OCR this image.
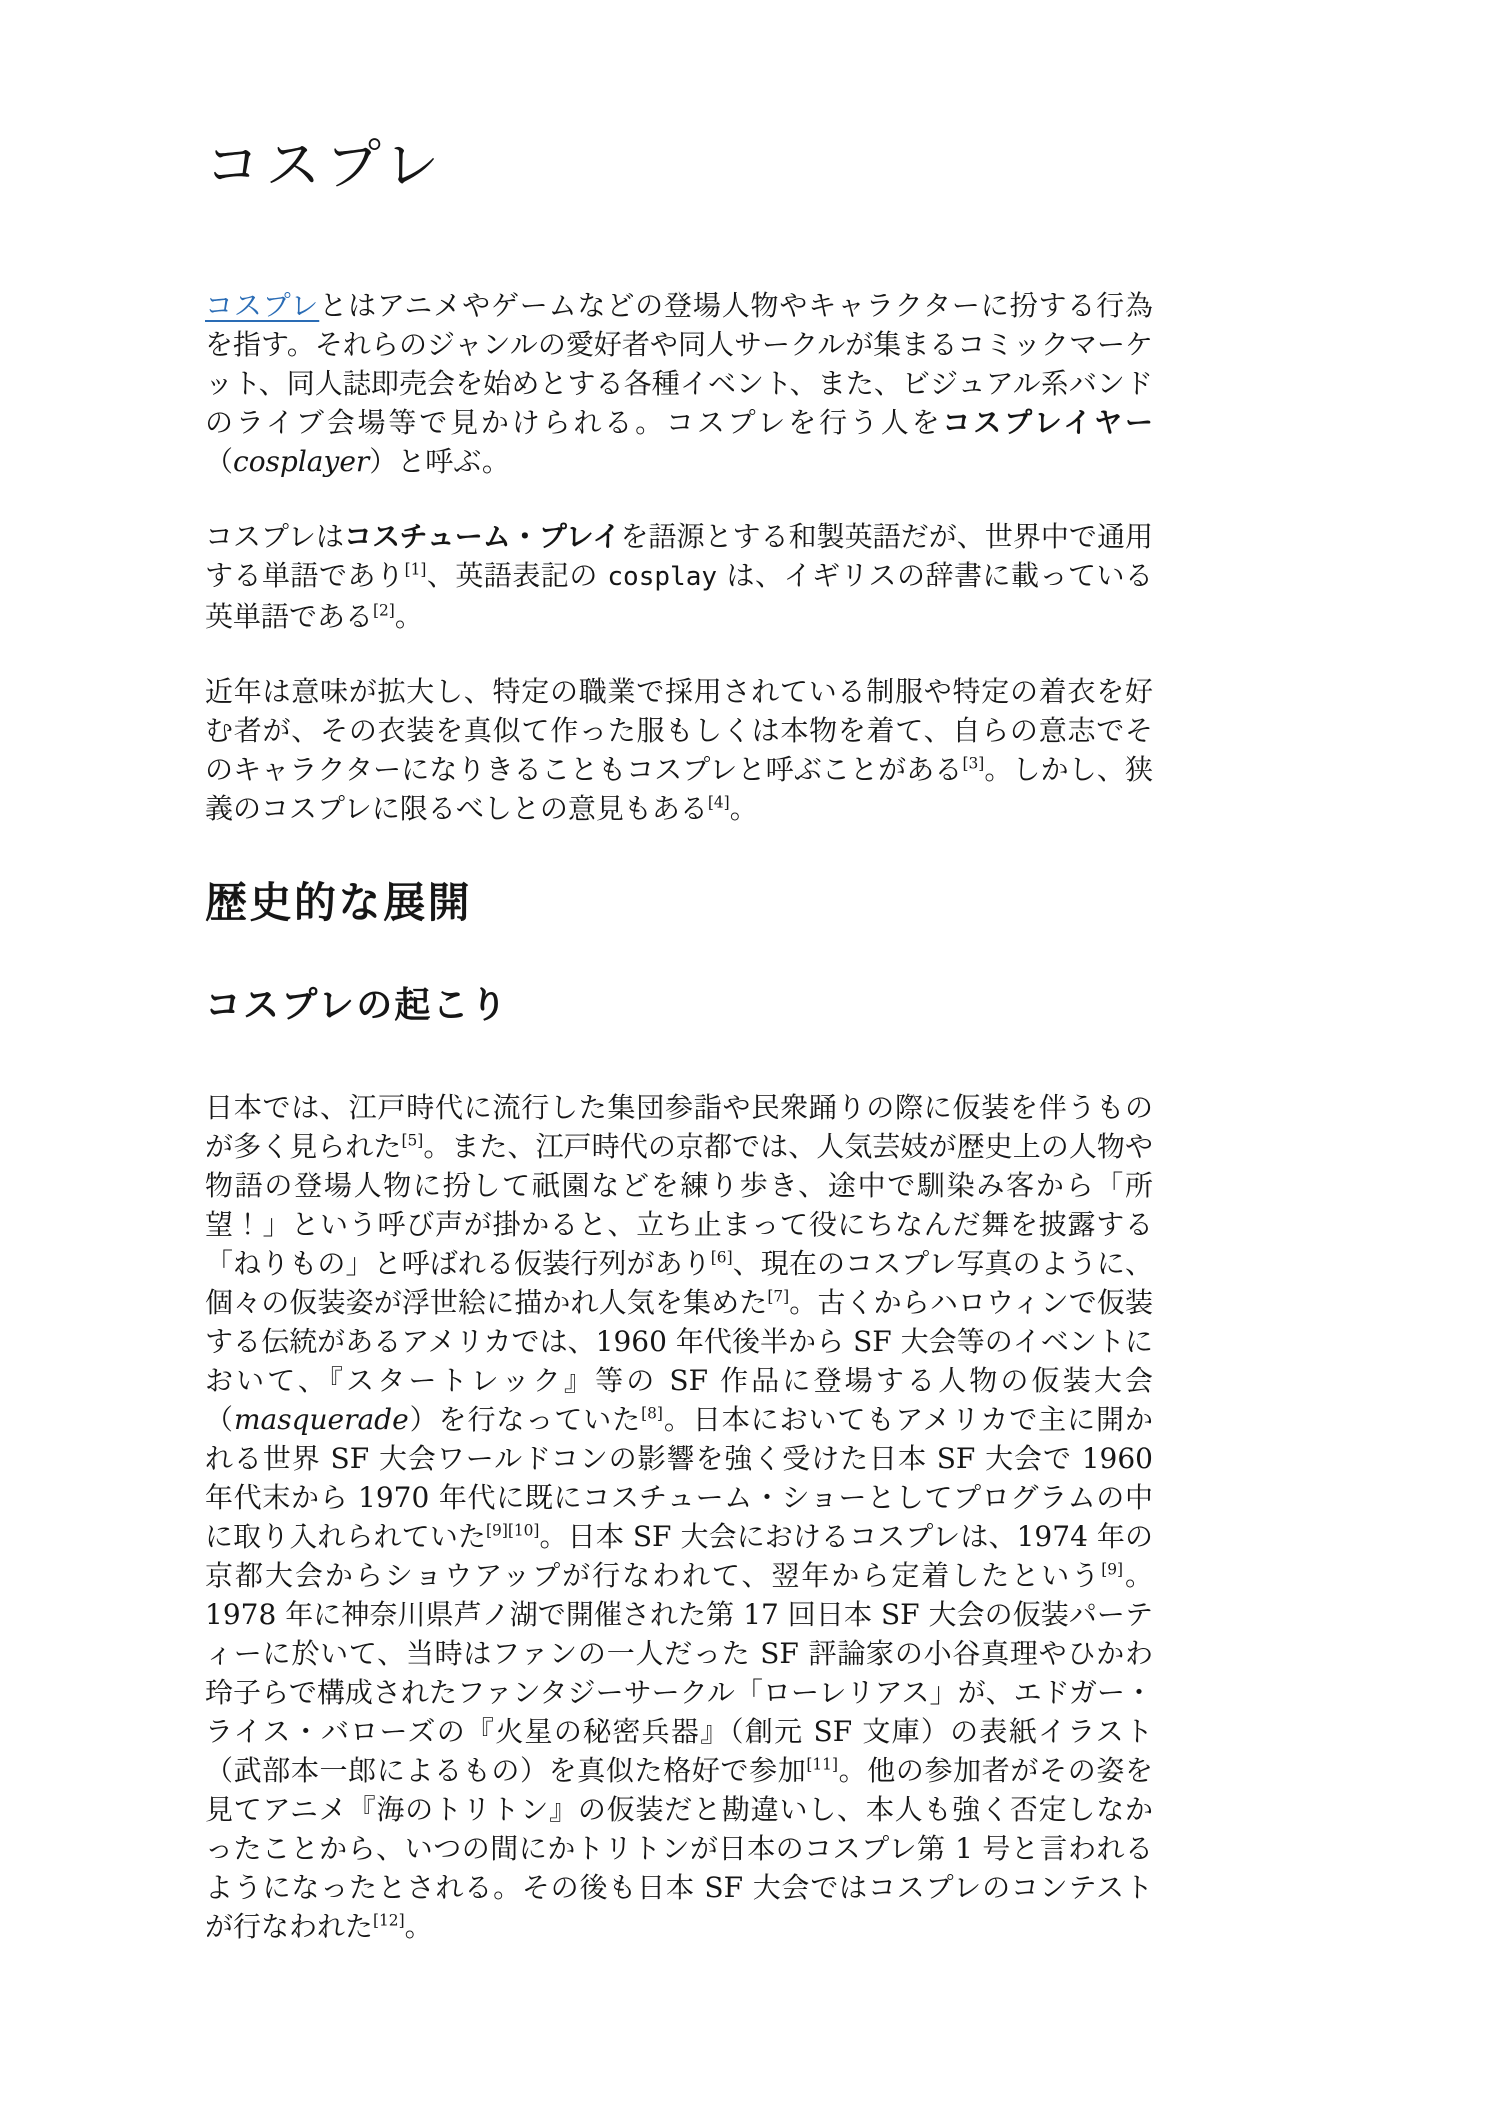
コスプレ

コスプレとはアニメやゲームなどの登場人物やキャラクターに扮する行為を指す。それらのジャンルの愛好者や同人サークルが集まるコミックマーケット、同人誌即売会を始めとする各種イベント、また、ビジュアル系バンドのライブ会場等で見かけられる。コスプレを行う人をコスプレイヤー（cosplayer）と呼ぶ。

コスプレはコスチューム・プレイを語源とする和製英語だが、世界中で通用する単語であり[1]、英語表記の cosplay は、イギリスの辞書に載っている英単語である[2]。

近年は意味が拡大し、特定の職業で採用されている制服や特定の着衣を好む者が、その衣装を真似て作った服もしくは本物を着て、自らの意志でそのキャラクターになりきることもコスプレと呼ぶことがある[3]。しかし、狭義のコスプレに限るべしとの意見もある[4]。

歴史的な展開
コスプレの起こり

日本では、江戸時代に流行した集団参詣や民衆踊りの際に仮装を伴うものが多く見られた[5]。また、江戸時代の京都では、人気芸妓が歴史上の人物や物語の登場人物に扮して祇園などを練り歩き、途中で馴染み客から「所望！」という呼び声が掛かると、立ち止まって役にちなんだ舞を披露する「ねりもの」と呼ばれる仮装行列があり[6]、現在のコスプレ写真のように、個々の仮装姿が浮世絵に描かれ人気を集めた[7]。古くからハロウィンで仮装する伝統があるアメリカでは、1960 年代後半から SF 大会等のイベントにおいて、『スタートレック』等の SF 作品に登場する人物の仮装大会（masquerade）を行なっていた[8]。日本においてもアメリカで主に開かれる世界 SF 大会ワールドコンの影響を強く受けた日本 SF 大会で 1960 年代末から 1970 年代に既にコスチューム・ショーとしてプログラムの中に取り入れられていた[9][10]。日本 SF 大会におけるコスプレは、1974 年の京都大会からショウアップが行なわれて、翌年から定着したという[9]。1978 年に神奈川県芦ノ湖で開催された第 17 回日本 SF 大会の仮装パーティーに於いて、当時はファンの一人だった SF 評論家の小谷真理やひかわ玲子らで構成されたファンタジーサークル「ローレリアス」が、エドガー・ライス・バローズの『火星の秘密兵器』（創元 SF 文庫）の表紙イラスト（武部本一郎によるもの）を真似た格好で参加[11]。他の参加者がその姿を見てアニメ『海のトリトン』の仮装だと勘違いし、本人も強く否定しなかったことから、いつの間にかトリトンが日本のコスプレ第 1 号と言われるようになったとされる。その後も日本 SF 大会ではコスプレのコンテストが行なわれた[12]。
